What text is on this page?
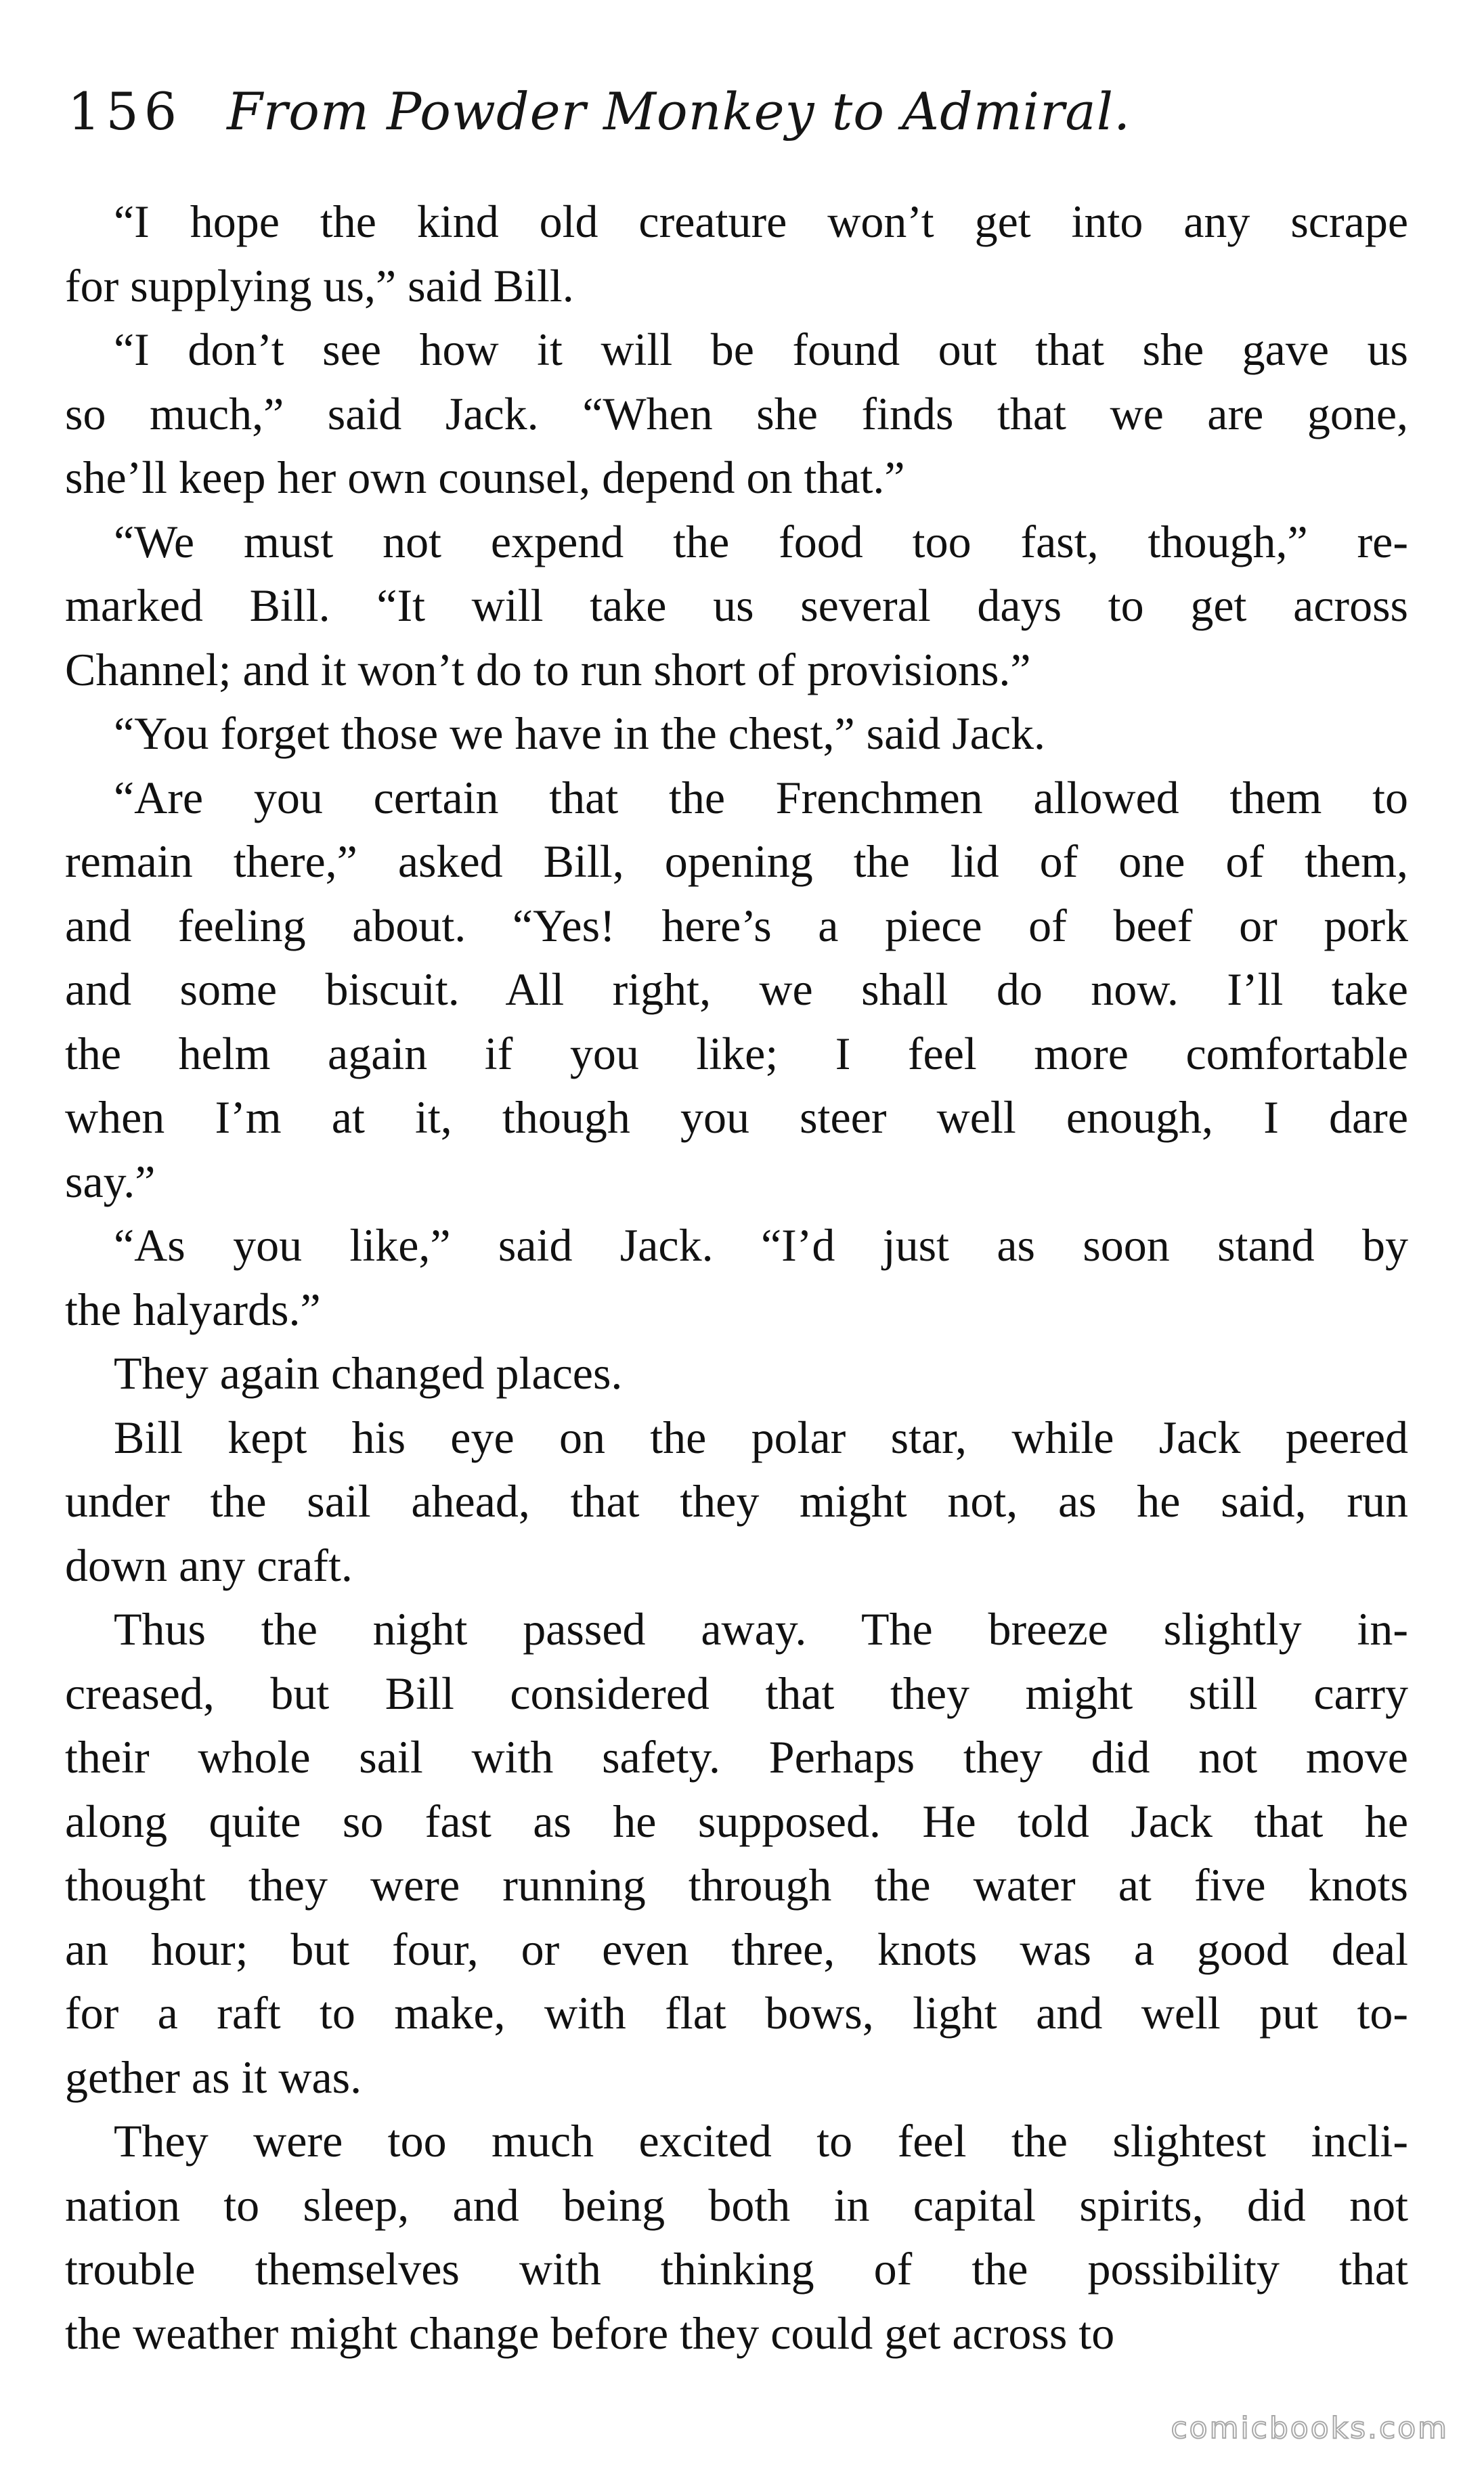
156 From Powder Monkey to Admiral.
“I hope the kind old creature won’t get into any scrape
for supplying us,” said Bill.
“I don’t see how it will be found out that she gave us
so much,” said Jack. “When she finds that we are gone,
she’ll keep her own counsel, depend on that.”
“We must not expend the food too fast, though,” re-
marked Bill. “It will take us several days to get across
Channel; and it won’t do to run short of provisions.”
“You forget those we have in the chest,” said Jack.
“Are you certain that the Frenchmen allowed them to
remain there,” asked Bill, opening the lid of one of them,
and feeling about. “Yes! here’s a piece of beef or pork
and some biscuit. All right, we shall do now. I’ll take
the helm again if you like; I feel more comfortable
when I’m at it, though you steer well enough, I dare
say.”
“As you like,” said Jack. “I’d just as soon stand by
the halyards.”
They again changed places.
Bill kept his eye on the polar star, while Jack peered
under the sail ahead, that they might not, as he said, run
down any craft.
Thus the night passed away. The breeze slightly in-
creased, but Bill considered that they might still carry
their whole sail with safety. Perhaps they did not move
along quite so fast as he supposed. He told Jack that he
thought they were running through the water at five knots
an hour; but four, or even three, knots was a good deal
for a raft to make, with flat bows, light and well put to-
gether as it was.
They were too much excited to feel the slightest incli-
nation to sleep, and being both in capital spirits, did not
trouble themselves with thinking of the possibility that
the weather might change before they could get across to
comicbooks.com
